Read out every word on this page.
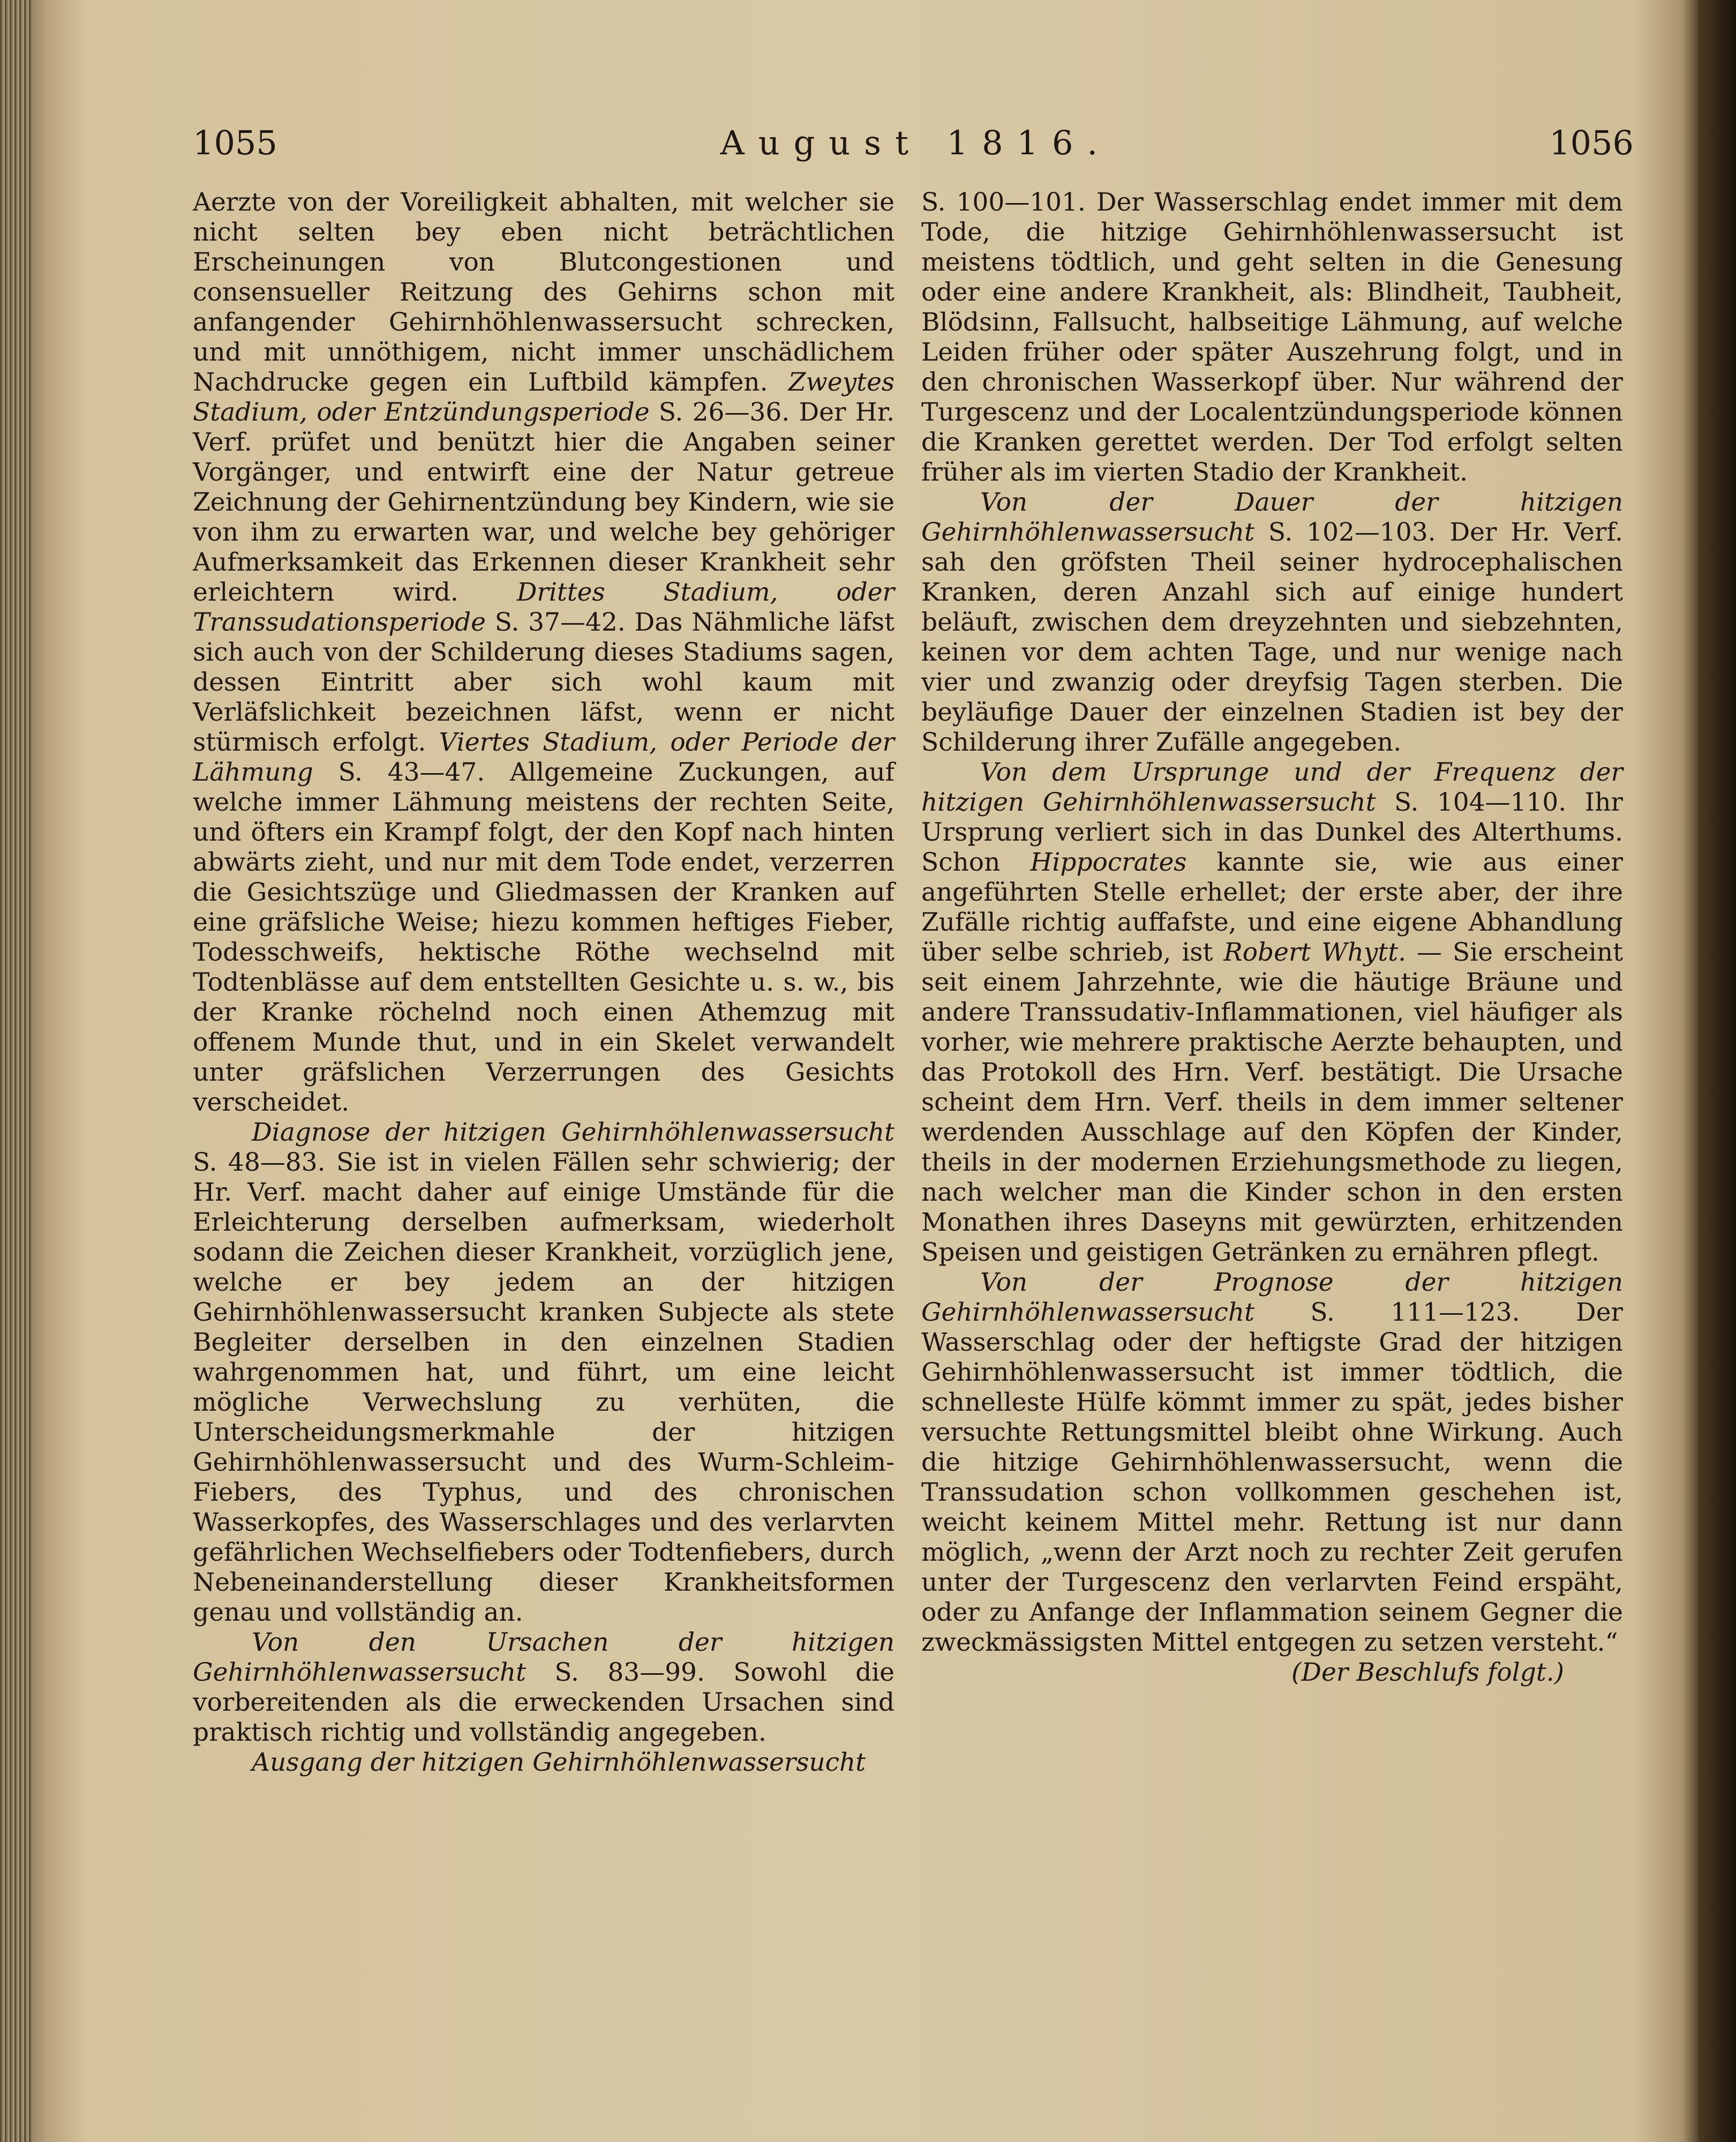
1055	August 1816.	1056

Aerzte von der Voreiligkeit abhalten, mit welcher sie nicht selten bey eben nicht beträchtlichen Erscheinungen von Blutcongestionen und consensueller Reitzung des Gehirns schon mit anfangender Gehirnhöhlenwassersucht schrecken, und mit unnöthigem, nicht immer unschädlichem Nachdrucke gegen ein Luftbild kämpfen. Zweytes Stadium, oder Entzündungsperiode S. 26—36. Der Hr. Verf. prüfet und benützt hier die Angaben seiner Vorgänger, und entwirft eine der Natur getreue Zeichnung der Gehirnentzündung bey Kindern, wie sie von ihm zu erwarten war, und welche bey gehöriger Aufmerksamkeit das Erkennen dieser Krankheit sehr erleichtern wird. Drittes Stadium, oder Transsudationsperiode S. 37—42. Das Nähmliche läfst sich auch von der Schilderung dieses Stadiums sagen, dessen Eintritt aber sich wohl kaum mit Verläfslichkeit bezeichnen läfst, wenn er nicht stürmisch erfolgt. Viertes Stadium, oder Periode der Lähmung S. 43—47. Allgemeine Zuckungen, auf welche immer Lähmung meistens der rechten Seite, und öfters ein Krampf folgt, der den Kopf nach hinten abwärts zieht, und nur mit dem Tode endet, verzerren die Gesichtszüge und Gliedmassen der Kranken auf eine gräfsliche Weise; hiezu kommen heftiges Fieber, Todesschweifs, hektische Röthe wechselnd mit Todtenblässe auf dem entstellten Gesichte u. s. w., bis der Kranke röchelnd noch einen Athemzug mit offenem Munde thut, und in ein Skelet verwandelt unter gräfslichen Verzerrungen des Gesichts verscheidet.

Diagnose der hitzigen Gehirnhöhlenwassersucht S. 48—83. Sie ist in vielen Fällen sehr schwierig; der Hr. Verf. macht daher auf einige Umstände für die Erleichterung derselben aufmerksam, wiederholt sodann die Zeichen dieser Krankheit, vorzüglich jene, welche er bey jedem an der hitzigen Gehirnhöhlenwassersucht kranken Subjecte als stete Begleiter derselben in den einzelnen Stadien wahrgenommen hat, und führt, um eine leicht mögliche Verwechslung zu verhüten, die Unterscheidungsmerkmahle der hitzigen Gehirnhöhlenwassersucht und des Wurm-Schleim-Fiebers, des Typhus, und des chronischen Wasserkopfes, des Wasserschlages und des verlarvten gefährlichen Wechselfiebers oder Todtenfiebers, durch Nebeneinanderstellung dieser Krankheitsformen genau und vollständig an.

Von den Ursachen der hitzigen Gehirnhöhlenwassersucht S. 83—99. Sowohl die vorbereitenden als die erweckenden Ursachen sind praktisch richtig und vollständig angegeben.

Ausgang der hitzigen Gehirnhöhlenwassersucht

S. 100—101. Der Wasserschlag endet immer mit dem Tode, die hitzige Gehirnhöhlenwassersucht ist meistens tödtlich, und geht selten in die Genesung oder eine andere Krankheit, als: Blindheit, Taubheit, Blödsinn, Fallsucht, halbseitige Lähmung, auf welche Leiden früher oder später Auszehrung folgt, und in den chronischen Wasserkopf über. Nur während der Turgescenz und der Localentzündungsperiode können die Kranken gerettet werden. Der Tod erfolgt selten früher als im vierten Stadio der Krankheit.

Von der Dauer der hitzigen Gehirnhöhlenwassersucht S. 102—103. Der Hr. Verf. sah den gröfsten Theil seiner hydrocephalischen Kranken, deren Anzahl sich auf einige hundert beläuft, zwischen dem dreyzehnten und siebzehnten, keinen vor dem achten Tage, und nur wenige nach vier und zwanzig oder dreyfsig Tagen sterben. Die beyläufige Dauer der einzelnen Stadien ist bey der Schilderung ihrer Zufälle angegeben.

Von dem Ursprunge und der Frequenz der hitzigen Gehirnhöhlenwassersucht S. 104—110. Ihr Ursprung verliert sich in das Dunkel des Alterthums. Schon Hippocrates kannte sie, wie aus einer angeführten Stelle erhellet; der erste aber, der ihre Zufälle richtig auffafste, und eine eigene Abhandlung über selbe schrieb, ist Robert Whytt. — Sie erscheint seit einem Jahrzehnte, wie die häutige Bräune und andere Transsudativ-Inflammationen, viel häufiger als vorher, wie mehrere praktische Aerzte behaupten, und das Protokoll des Hrn. Verf. bestätigt. Die Ursache scheint dem Hrn. Verf. theils in dem immer seltener werdenden Ausschlage auf den Köpfen der Kinder, theils in der modernen Erziehungsmethode zu liegen, nach welcher man die Kinder schon in den ersten Monathen ihres Daseyns mit gewürzten, erhitzenden Speisen und geistigen Getränken zu ernähren pflegt.

Von der Prognose der hitzigen Gehirnhöhlenwassersucht S. 111—123. Der Wasserschlag oder der heftigste Grad der hitzigen Gehirnhöhlenwassersucht ist immer tödtlich, die schnelleste Hülfe kömmt immer zu spät, jedes bisher versuchte Rettungsmittel bleibt ohne Wirkung. Auch die hitzige Gehirnhöhlenwassersucht, wenn die Transsudation schon vollkommen geschehen ist, weicht keinem Mittel mehr. Rettung ist nur dann möglich, „wenn der Arzt noch zu rechter Zeit gerufen unter der Turgescenz den verlarvten Feind erspäht, oder zu Anfange der Inflammation seinem Gegner die zweckmässigsten Mittel entgegen zu setzen versteht.“

(Der Beschlufs folgt.)
